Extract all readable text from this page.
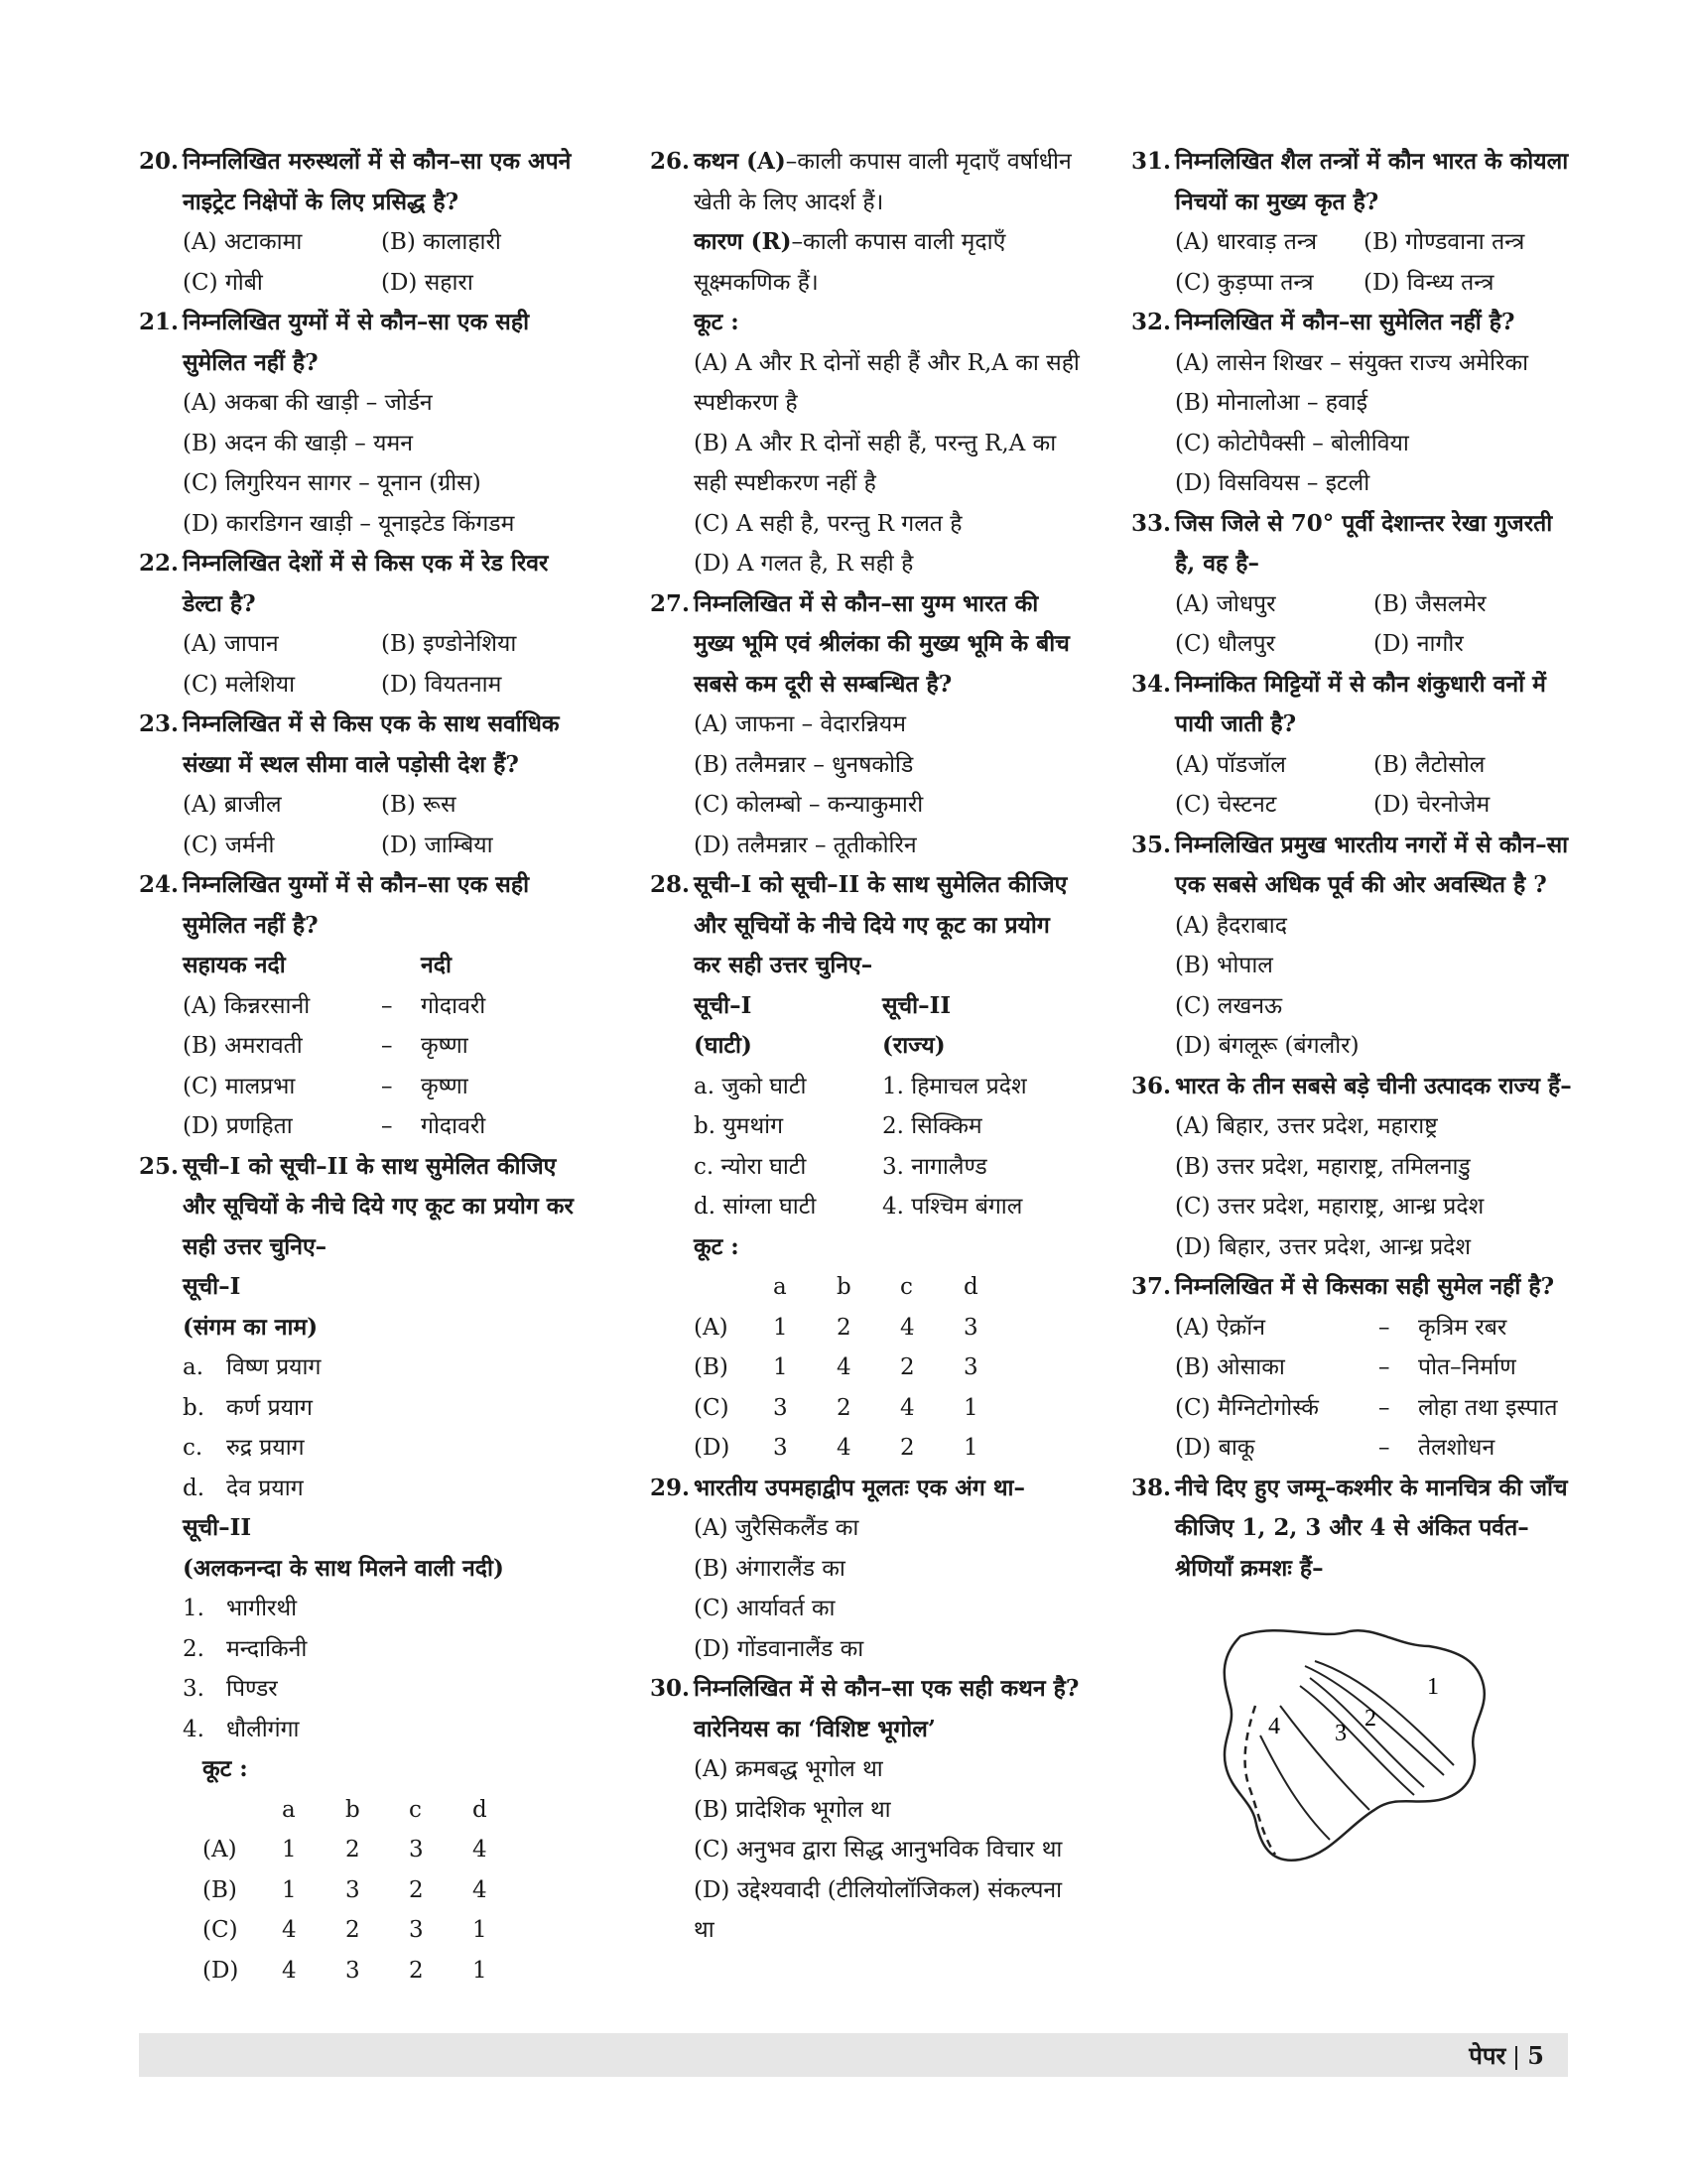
20. निम्नलिखित मरुस्थलों में से कौन–सा एक अपने नाइट्रेट निक्षेपों के लिए प्रसिद्ध है?
(A) अटाकामा	(B) कालाहारी
(C) गोबी	(D) सहारा
21. निम्नलिखित युग्मों में से कौन–सा एक सही सुमेलित नहीं है?
(A) अकबा की खाड़ी – जोर्डन
(B) अदन की खाड़ी – यमन
(C) लिगुरियन सागर – यूनान (ग्रीस)
(D) कारडिगन खाड़ी – यूनाइटेड किंगडम
22. निम्नलिखित देशों में से किस एक में रेड रिवर डेल्टा है?
(A) जापान	(B) इण्डोनेशिया
(C) मलेशिया	(D) वियतनाम
23. निम्नलिखित में से किस एक के साथ सर्वाधिक संख्या में स्थल सीमा वाले पड़ोसी देश हैं?
(A) ब्राजील	(B) रूस
(C) जर्मनी	(D) जाम्बिया
24. निम्नलिखित युग्मों में से कौन–सा एक सही सुमेलित नहीं है?
सहायक नदी	नदी
(A) किन्नरसानी	–	गोदावरी
(B) अमरावती	–	कृष्णा
(C) मालप्रभा	–	कृष्णा
(D) प्रणहिता	–	गोदावरी
25. सूची–I को सूची–II के साथ सुमेलित कीजिए और सूचियों के नीचे दिये गए कूट का प्रयोग कर सही उत्तर चुनिए–
सूची–I
(संगम का नाम)
a. विष्ण प्रयाग
b. कर्ण प्रयाग
c.	रुद्र प्रयाग
d. देव प्रयाग
सूची–II
(अलकनन्दा के साथ मिलने वाली नदी)
1. भागीरथी
2. मन्दाकिनी
3. पिण्डर
4. धौलीगंगा
कूट :
a	b	c	d
(A)	1	2	3	4
(B)	1	3	2	4
(C)	4	2	3	1
(D)	4	3	2	1
26. कथन (A)–काली कपास वाली मृदाएँ वर्षाधीन खेती के लिए आदर्श हैं।
कारण (R)–काली कपास वाली मृदाएँ सूक्ष्मकणिक हैं।
कूट :
(A) A और R दोनों सही हैं और R,A का सही स्पष्टीकरण है
(B) A और R दोनों सही हैं, परन्तु R,A का सही स्पष्टीकरण नहीं है
(C) A सही है, परन्तु R गलत है
(D) A गलत है, R सही है
27. निम्नलिखित में से कौन–सा युग्म भारत की मुख्य भूमि एवं श्रीलंका की मुख्य भूमि के बीच सबसे कम दूरी से सम्बन्धित है?
(A) जाफना – वेदारन्नियम
(B) तलैमन्नार – धुनषकोडि
(C) कोलम्बो – कन्याकुमारी
(D) तलैमन्नार – तूतीकोरिन
28. सूची–I को सूची–II के साथ सुमेलित कीजिए और सूचियों के नीचे दिये गए कूट का प्रयोग कर सही उत्तर चुनिए–
सूची–I	सूची–II
(घाटी)	(राज्य)
a. जुको घाटी	1. हिमाचल प्रदेश
b. युमथांग	2. सिक्किम
c. न्योरा घाटी	3. नागालैण्ड
d. सांग्ला घाटी	4. पश्चिम बंगाल
कूट :
a	b	c	d
(A)	1	2	4	3
(B)	1	4	2	3
(C)	3	2	4	1
(D)	3	4	2	1
29. भारतीय उपमहाद्वीप मूलतः एक अंग था–
(A) जुरैसिकलैंड का
(B) अंगारालैंड का
(C) आर्यावर्त का
(D) गोंडवानालैंड का
30. निम्नलिखित में से कौन–सा एक सही कथन है?
वारेनियस का ‘विशिष्ट भूगोल’
(A) क्रमबद्ध भूगोल था
(B) प्रादेशिक भूगोल था
(C) अनुभव द्वारा सिद्ध आनुभविक विचार था
(D) उद्देश्यवादी (टीलियोलॉजिकल) संकल्पना था
31. निम्नलिखित शैल तन्त्रों में कौन भारत के कोयला निचयों का मुख्य कृत है?
(A) धारवाड़ तन्त्र	(B) गोण्डवाना तन्त्र
(C) कुड़प्पा तन्त्र	(D) विन्ध्य तन्त्र
32. निम्नलिखित में कौन–सा सुमेलित नहीं है?
(A) लासेन शिखर – संयुक्त राज्य अमेरिका
(B) मोनालोआ – हवाई
(C) कोटोपैक्सी – बोलीविया
(D) विसवियस – इटली
33. जिस जिले से 70° पूर्वी देशान्तर रेखा गुजरती है, वह है–
(A) जोधपुर	(B) जैसलमेर
(C) धौलपुर	(D) नागौर
34. निम्नांकित मिट्टियों में से कौन शंकुधारी वनों में पायी जाती है?
(A) पॉडजॉल	(B) लैटोसोल
(C) चेस्टनट	(D) चेरनोजेम
35. निम्नलिखित प्रमुख भारतीय नगरों में से कौन–सा एक सबसे अधिक पूर्व की ओर अवस्थित है ?
(A) हैदराबाद
(B) भोपाल
(C) लखनऊ
(D) बंगलूरू (बंगलौर)
36. भारत के तीन सबसे बड़े चीनी उत्पादक राज्य हैं–
(A) बिहार, उत्तर प्रदेश, महाराष्ट्र
(B) उत्तर प्रदेश, महाराष्ट्र, तमिलनाडु
(C) उत्तर प्रदेश, महाराष्ट्र, आन्ध्र प्रदेश
(D) बिहार, उत्तर प्रदेश, आन्ध्र प्रदेश
37. निम्नलिखित में से किसका सही सुमेल नहीं है?
(A) ऐक्रॉन	–	कृत्रिम रबर
(B) ओसाका	–	पोत–निर्माण
(C) मैग्निटोगोर्स्क	–	लोहा तथा इस्पात
(D) बाकू	–	तेलशोधन
38. नीचे दिए हुए जम्मू–कश्मीर के मानचित्र की जाँच कीजिए 1, 2, 3 और 4 से अंकित पर्वत–श्रेणियाँ क्रमशः हैं–
1
2
3
4
पेपर 5
